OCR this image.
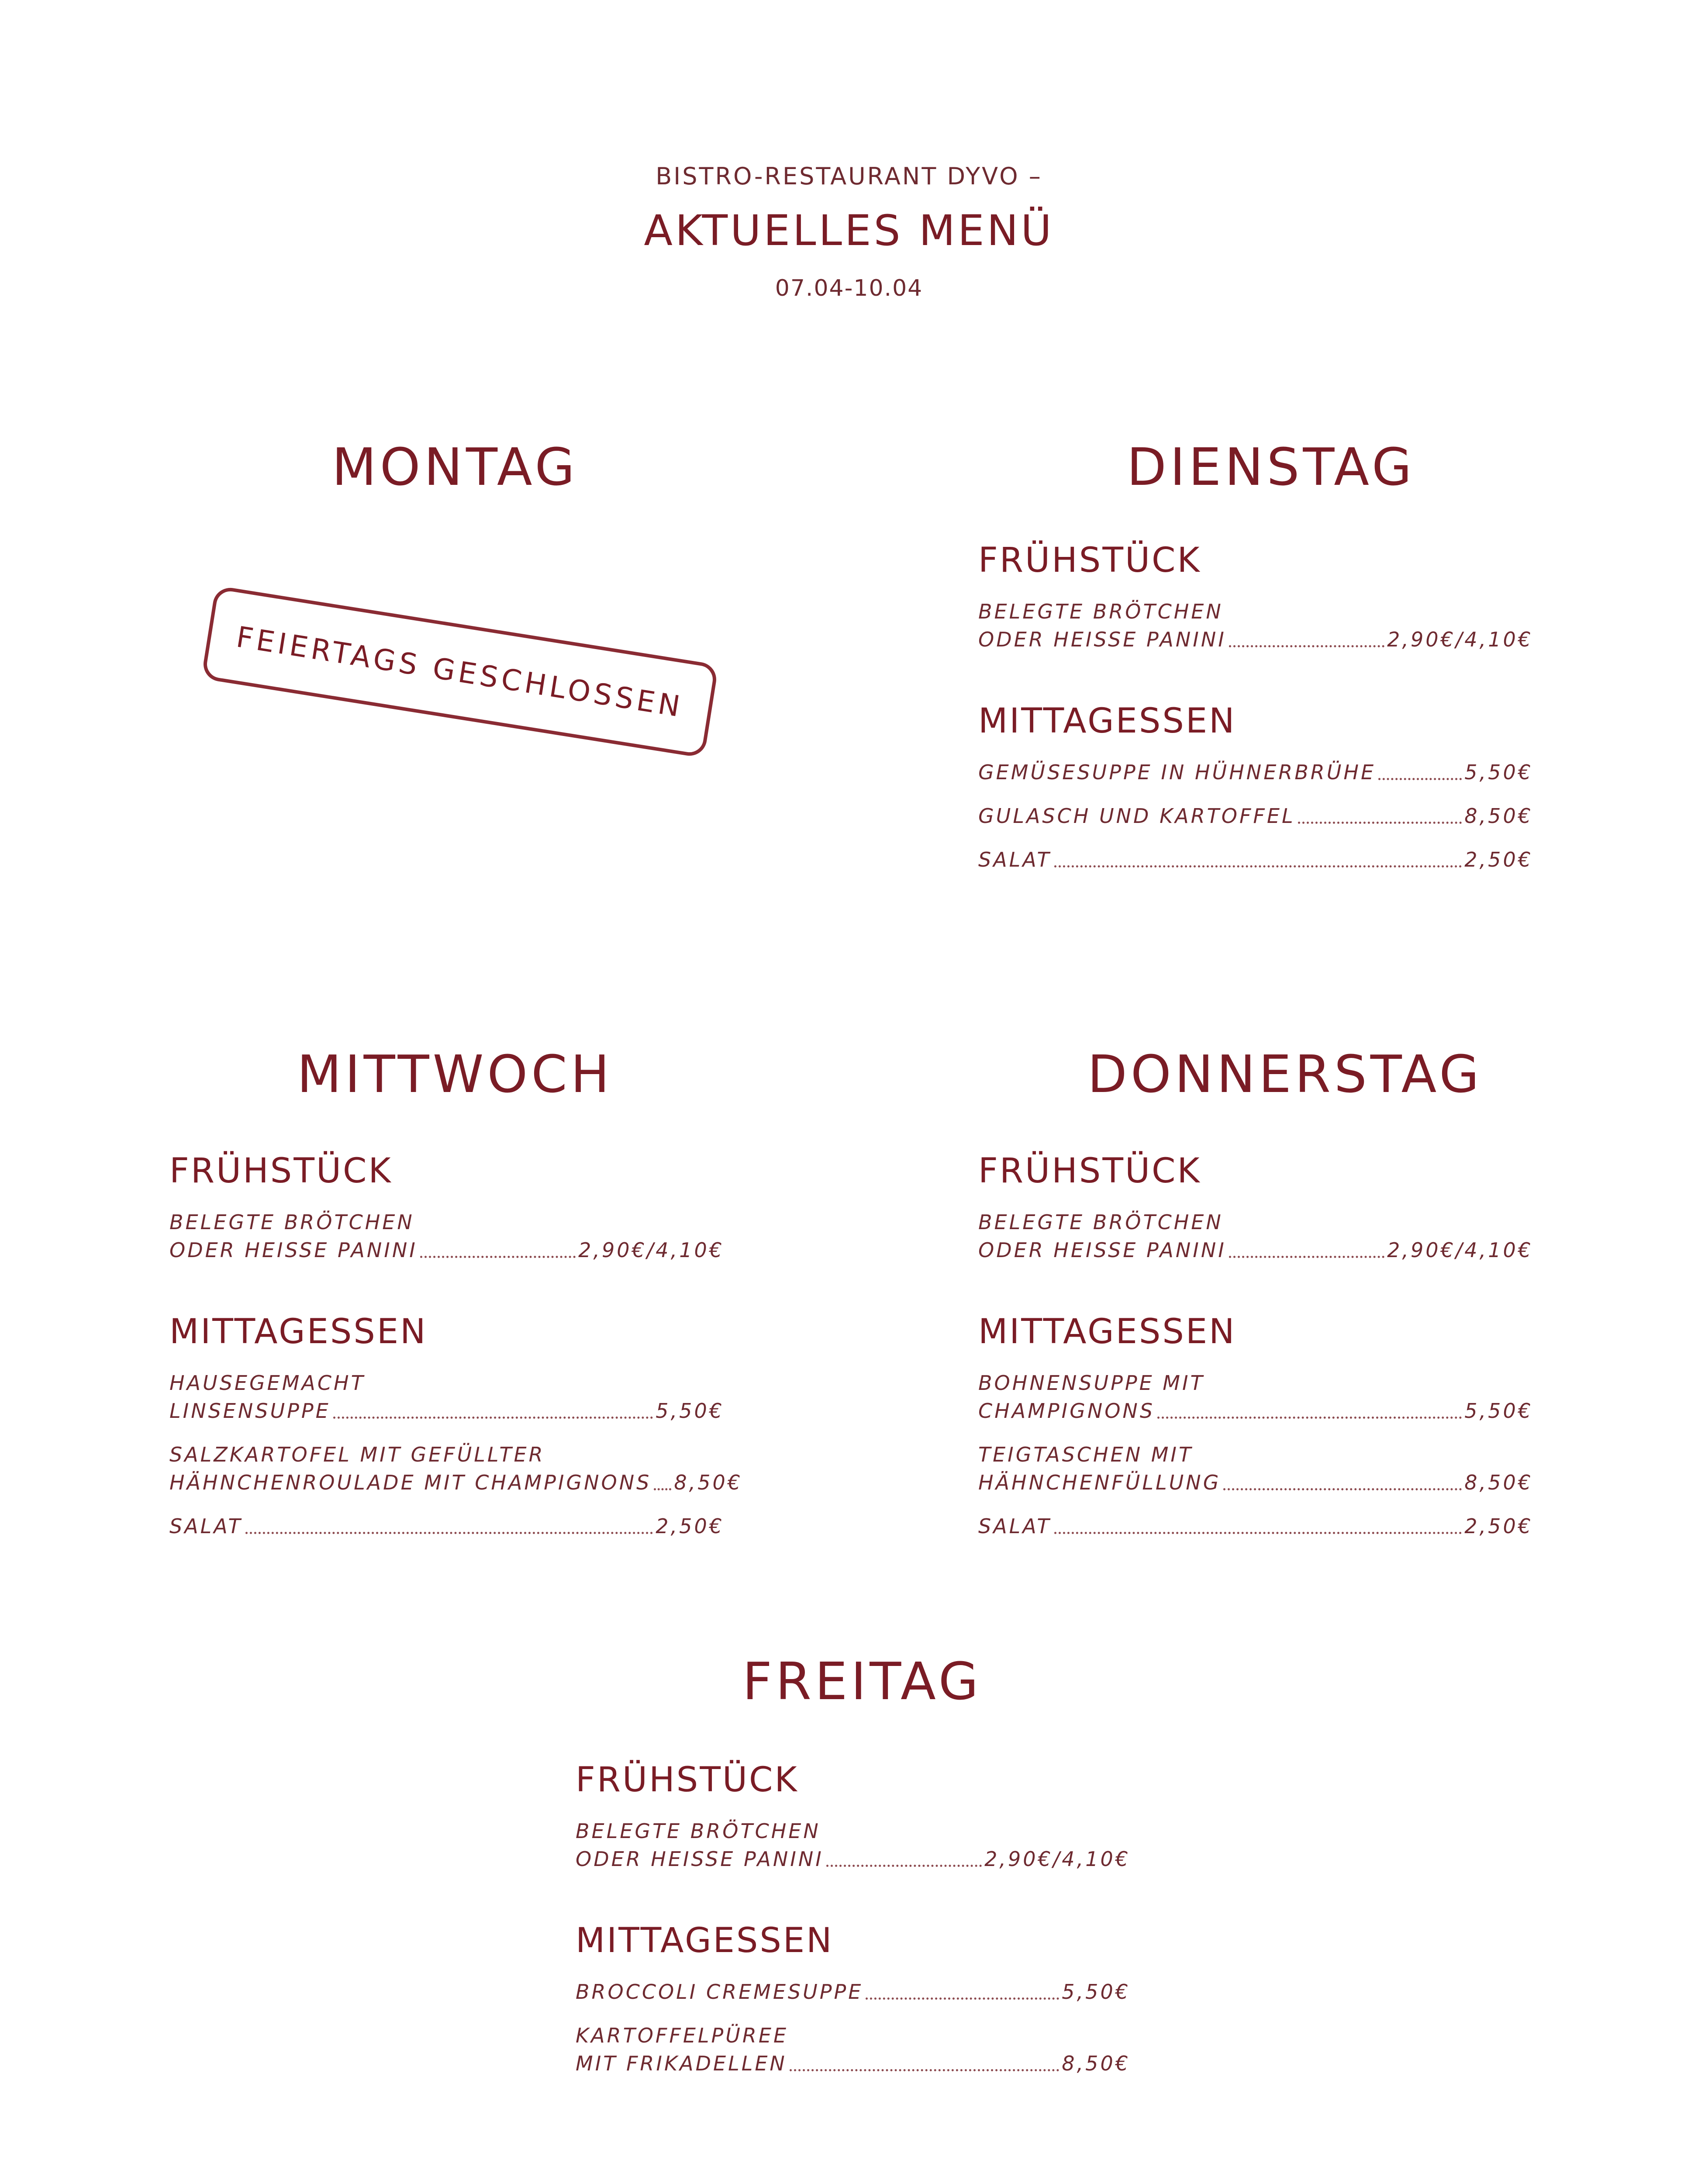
BISTRO-RESTAURANT DYVO –
AKTUELLES MENÜ
07.04-10.04
MONTAG
FEIERTAGS GESCHLOSSEN
DIENSTAG
FRÜHSTÜCK
BELEGTE BRÖTCHEN
ODER HEISSE PANINI	2,90€/4,10€
MITTAGESSEN
GEMÜSESUPPE IN HÜHNERBRÜHE	5,50€
GULASCH UND KARTOFFEL	8,50€
SALAT	2,50€
MITTWOCH
FRÜHSTÜCK
BELEGTE BRÖTCHEN
ODER HEISSE PANINI	2,90€/4,10€
MITTAGESSEN
HAUSEGEMACHT
LINSENSUPPE	5,50€
SALZKARTOFEL MIT GEFÜLLTER
HÄHNCHENROULADE MIT CHAMPIGNONS 8,50€
SALAT	2,50€
DONNERSTAG
FRÜHSTÜCK
BELEGTE BRÖTCHEN
ODER HEISSE PANINI	2,90€/4,10€
MITTAGESSEN
BOHNENSUPPE MIT
CHAMPIGNONS	5,50€
TEIGTASCHEN MIT
HÄHNCHENFÜLLUNG	8,50€
SALAT	2,50€
FREITAG
FRÜHSTÜCK
BELEGTE BRÖTCHEN
ODER HEISSE PANINI	2,90€/4,10€
MITTAGESSEN
BROCCOLI CREMESUPPE	5,50€
KARTOFFELPÜREE
MIT FRIKADELLEN	8,50€
